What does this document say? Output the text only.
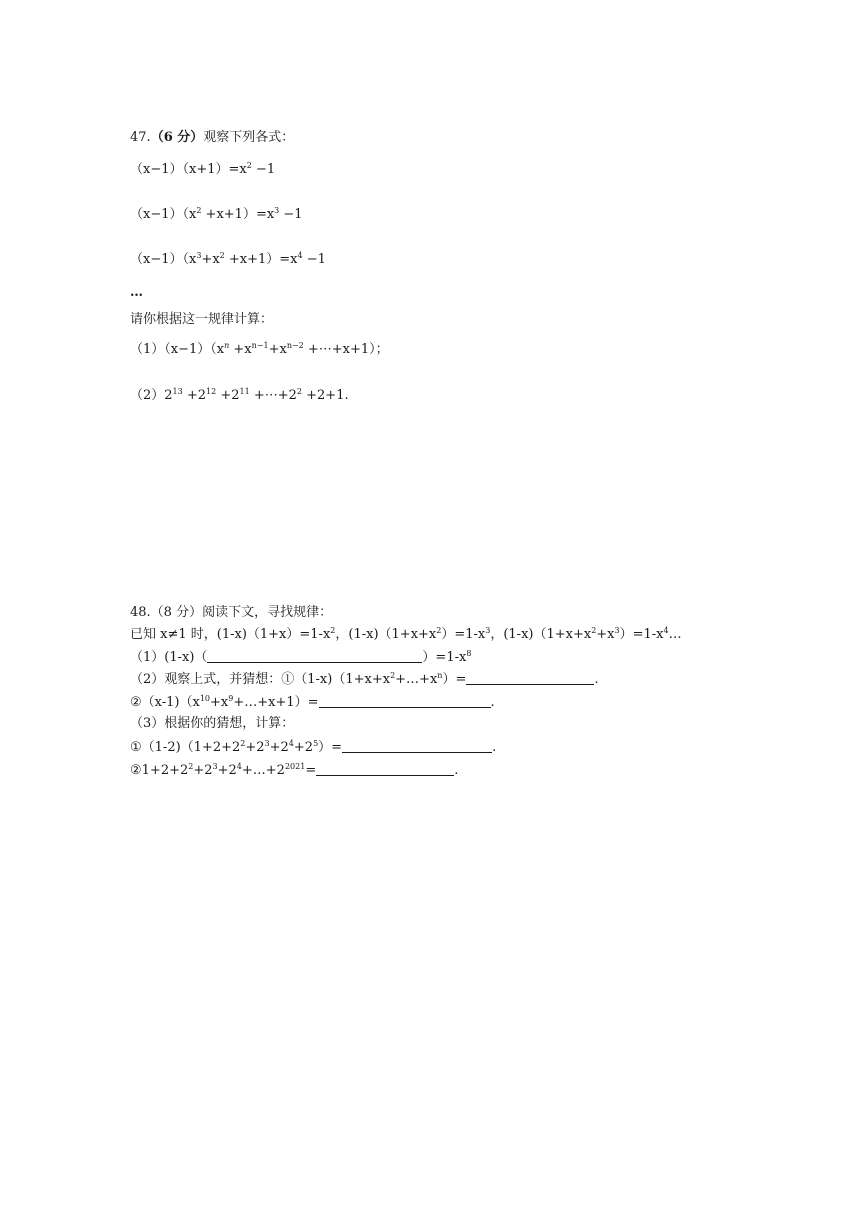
47.（6 分）观察下列各式：
$(x-1)(x+1)=x^2 -1$
$(x-1)(x^2 +x+1)=x^3 -1$
$(x-1)(x^3+x^2 +x+1)=x^4 -1$
…
请你根据这一规律计算：
$(1)(x-1)(x^n +x^{n-1}+x^{n-2}$ +⋯+x+1）；
$(2)2^{13} +2^{12} +2^{11}$ $+\cdots+2^2 +2+1$.
48.（8 分）阅读下文，寻找规律：
已知 x≠1 时，$(1-x)(1+x)=1-x^2$，$(1-x)(1+x+x^2)=1-x^3$，$(1-x)(1+x+x^2+x^3)=1-x^4\dots$
（1）(1-x)（	）$=1-x^8$
（2）观察上式，并猜想：$①(1-x)(1+x+x^2+\dots+x^n)=$	.
$②(x-1)(x^{10}+x^9+\dots+x+1)=$	.
（3）根据你的猜想，计算：
$①(1-2)(1+2+2^2+2^3+2^4+2^5)=$	.
$②1+2+2^2+2^3+2^4+\dots+2^{2021}=$	.
